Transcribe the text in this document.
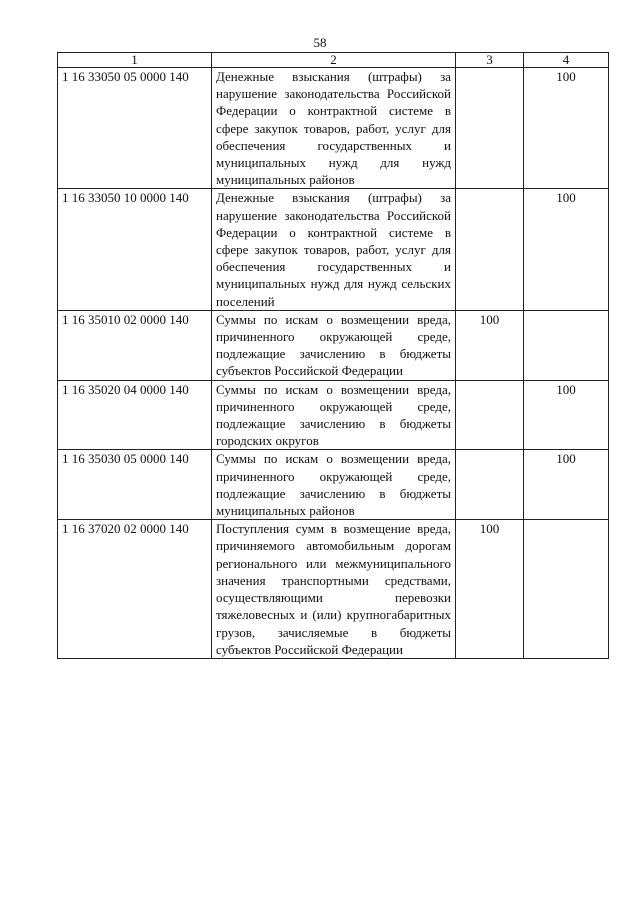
58
1	2	3	4
1 16 33050 05 0000 140	Денежные взыскания (штрафы) за нарушение законодательства Российской Федерации о контрактной системе в сфере закупок товаров, работ, услуг для обеспечения государственных и муниципальных нужд для нужд муниципальных районов		100
1 16 33050 10 0000 140	Денежные взыскания (штрафы) за нарушение законодательства Российской Федерации о контрактной системе в сфере закупок товаров, работ, услуг для обеспечения государственных и муниципальных нужд для нужд сельских поселений		100
1 16 35010 02 0000 140	Суммы по искам о возмещении вреда, причиненного окружающей среде, подлежащие зачислению в бюджеты субъектов Российской Федерации	100	
1 16 35020 04 0000 140	Суммы по искам о возмещении вреда, причиненного окружающей среде, подлежащие зачислению в бюджеты городских округов		100
1 16 35030 05 0000 140	Суммы по искам о возмещении вреда, причиненного окружающей среде, подлежащие зачислению в бюджеты муниципальных районов		100
1 16 37020 02 0000 140	Поступления сумм в возмещение вреда, причиняемого автомобильным дорогам регионального или межмуниципального значения транспортными средствами, осуществляющими перевозки тяжеловесных и (или) крупногабаритных грузов, зачисляемые в бюджеты субъектов Российской Федерации	100	
